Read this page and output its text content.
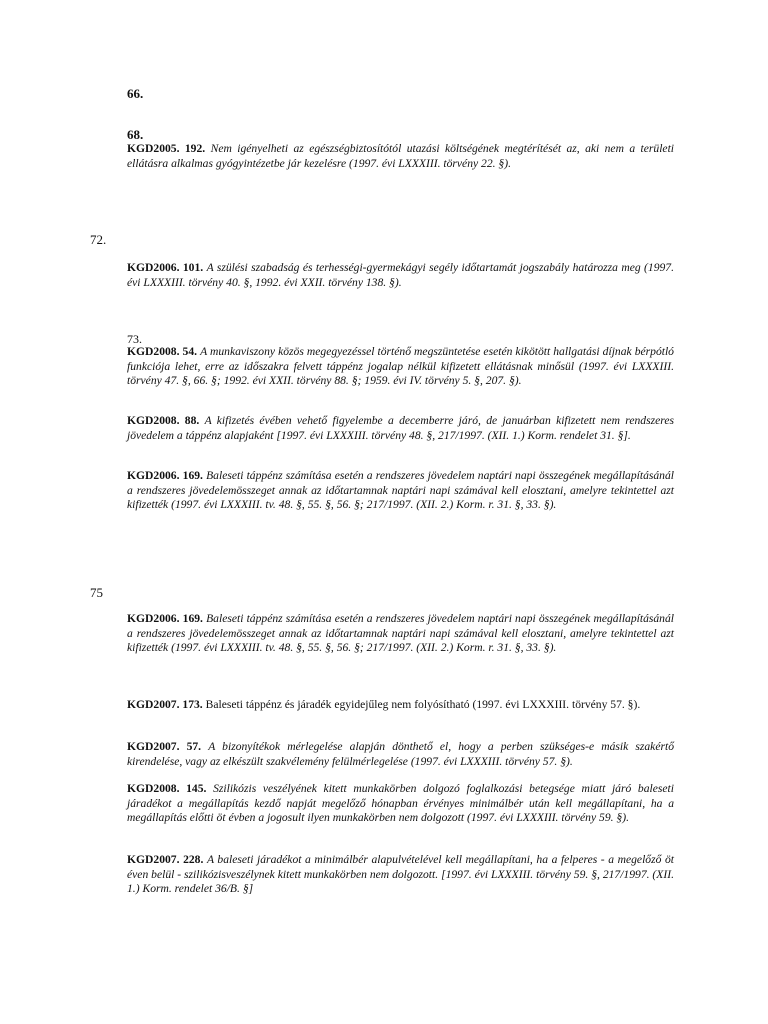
66.
68.

KGD2005. 192. Nem igényelheti az egészségbiztosítótól utazási költségének megtérítését az, aki nem a területi ellátásra alkalmas gyógyintézetbe jár kezelésre (1997. évi LXXXIII. törvény 22. §).

72.

KGD2006. 101. A szülési szabadság és terhességi-gyermekágyi segély időtartamát jogszabály határozza meg (1997. évi LXXXIII. törvény 40. §, 1992. évi XXII. törvény 138. §).

73.

KGD2008. 54. A munkaviszony közös megegyezéssel történő megszüntetése esetén kikötött hallgatási díjnak bérpótló funkciója lehet, erre az időszakra felvett táppénz jogalap nélkül kifizetett ellátásnak minősül (1997. évi LXXXIII. törvény 47. §, 66. §; 1992. évi XXII. törvény 88. §; 1959. évi IV. törvény 5. §, 207. §).

KGD2008. 88. A kifizetés évében vehető figyelembe a decemberre járó, de januárban kifizetett nem rendszeres jövedelem a táppénz alapjaként [1997. évi LXXXIII. törvény 48. §, 217/1997. (XII. 1.) Korm. rendelet 31. §].

KGD2006. 169. Baleseti táppénz számítása esetén a rendszeres jövedelem naptári napi összegének megállapításánál a rendszeres jövedelemösszeget annak az időtartamnak naptári napi számával kell elosztani, amelyre tekintettel azt kifizették (1997. évi LXXXIII. tv. 48. §, 55. §, 56. §; 217/1997. (XII. 2.) Korm. r. 31. §, 33. §).

75

KGD2006. 169. Baleseti táppénz számítása esetén a rendszeres jövedelem naptári napi összegének megállapításánál a rendszeres jövedelemösszeget annak az időtartamnak naptári napi számával kell elosztani, amelyre tekintettel azt kifizették (1997. évi LXXXIII. tv. 48. §, 55. §, 56. §; 217/1997. (XII. 2.) Korm. r. 31. §, 33. §).

KGD2007. 173. Baleseti táppénz és járadék egyidejűleg nem folyósítható (1997. évi LXXXIII. törvény 57. §).

KGD2007. 57. A bizonyítékok mérlegelése alapján dönthető el, hogy a perben szükséges-e másik szakértő kirendelése, vagy az elkészült szakvélemény felülmérlegelése (1997. évi LXXXIII. törvény 57. §).

KGD2008. 145. Szilikózis veszélyének kitett munkakörben dolgozó foglalkozási betegsége miatt járó baleseti járadékot a megállapítás kezdő napját megelőző hónapban érvényes minimálbér után kell megállapítani, ha a megállapítás előtti öt évben a jogosult ilyen munkakörben nem dolgozott (1997. évi LXXXIII. törvény 59. §).

KGD2007. 228. A baleseti járadékot a minimálbér alapulvételével kell megállapítani, ha a felperes - a megelőző öt éven belül - szilikózisveszélynek kitett munkakörben nem dolgozott. [1997. évi LXXXIII. törvény 59. §, 217/1997. (XII. 1.) Korm. rendelet 36/B. §]
